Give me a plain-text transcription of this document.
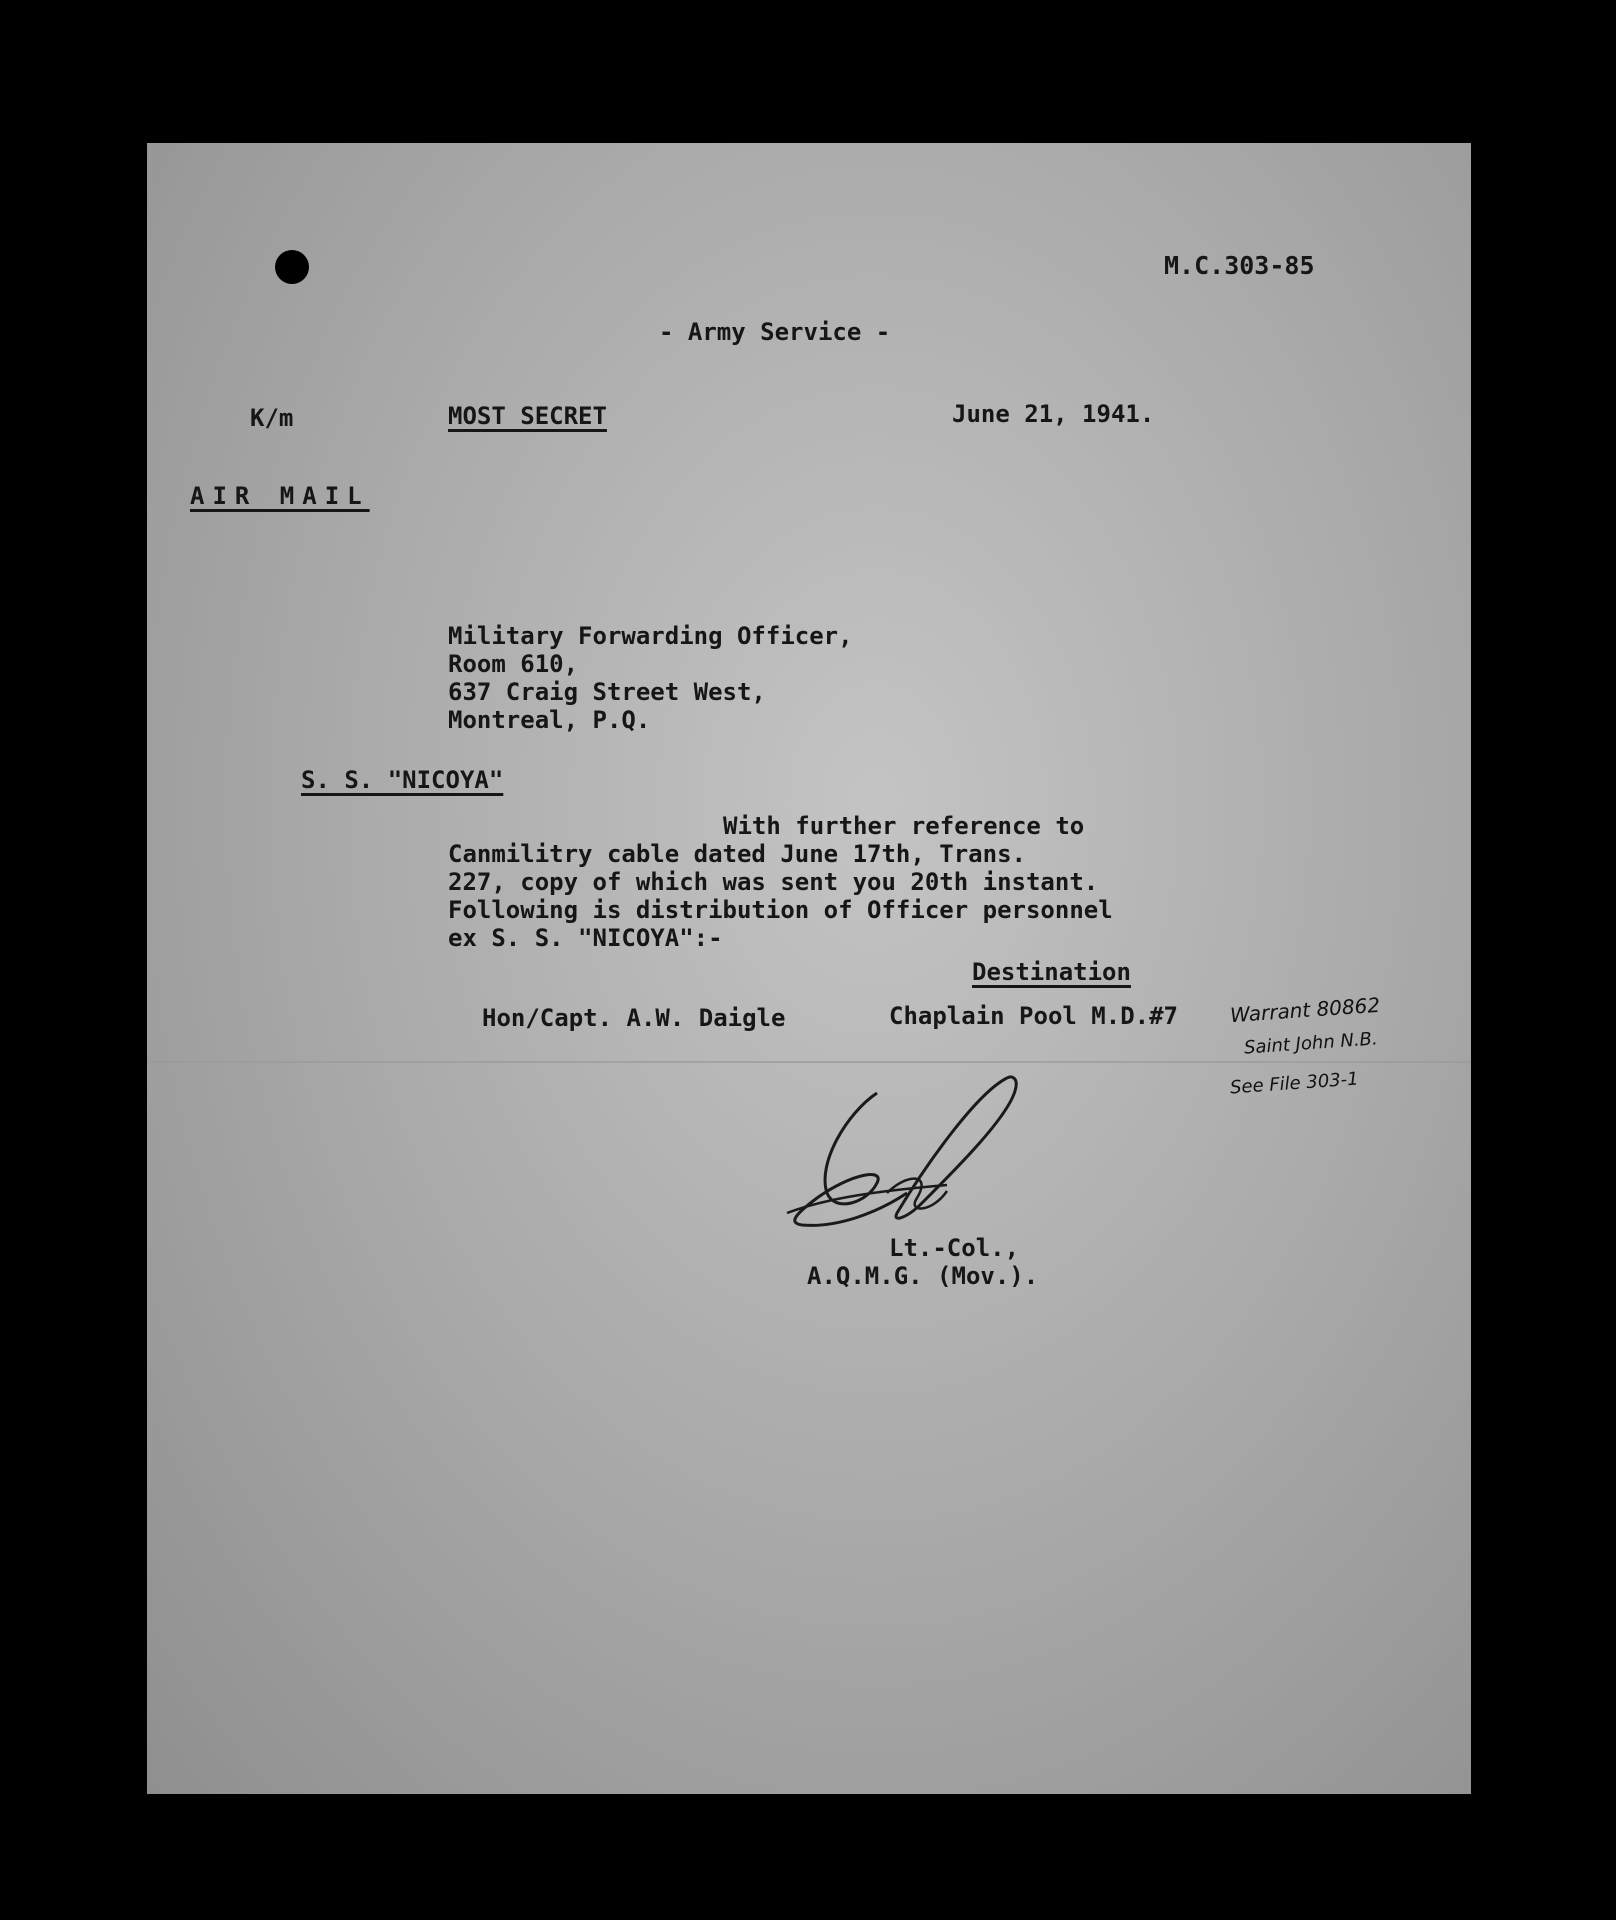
M.C.303-85
- Army Service -
K/m	MOST SECRET	June 21, 1941.
AIR MAIL
Military Forwarding Officer,
Room 610,
637 Craig Street West,
Montreal, P.Q.
S. S. "NICOYA"
With further reference to
Canmilitry cable dated June 17th, Trans.
227, copy of which was sent you 20th instant.
Following is distribution of Officer personnel
ex S. S. "NICOYA":-
Destination
Hon/Capt. A.W. Daigle	Chaplain Pool M.D.#7	Warrant 80862
Saint John N.B.
See File 303-1
Lt.-Col.,
A.Q.M.G. (Mov.).
